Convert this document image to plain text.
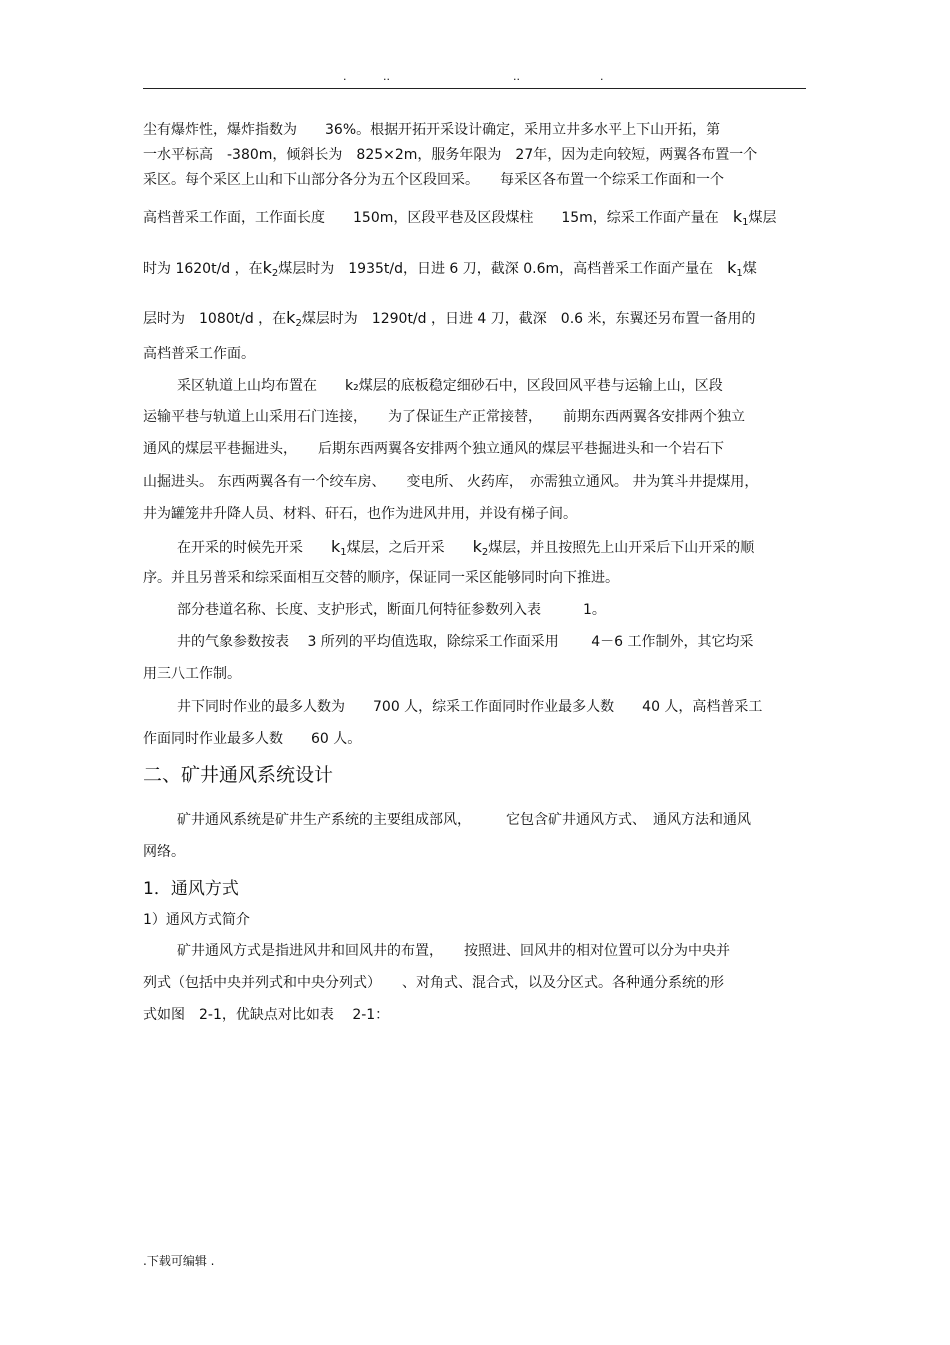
.	..	..	.
尘有爆炸性，爆炸指数为　　36%。根据开拓开采设计确定，采用立井多水平上下山开拓，第
一水平标高　-380m，倾斜长为　825×2m，服务年限为　27年，因为走向较短，两翼各布置一个
采区。每个采区上山和下山部分各分为五个区段回采。　　每采区各布置一个综采工作面和一个
高档普采工作面，工作面长度　　150m，区段平巷及区段煤柱　　15m，综采工作面产量在　$k_1$煤层
时为 1620t/d ，在$k_2$煤层时为　1935t/d，日进 6 刀，截深 0.6m，高档普采工作面产量在　$k_1$煤
层时为　1080t/d ，在$k_2$煤层时为　1290t/d ，日进 4 刀，截深　0.6 米，东翼还另布置一备用的
高档普采工作面。
采区轨道上山均布置在　　k₂煤层的底板稳定细砂石中，区段回风平巷与运输上山，区段
运输平巷与轨道上山采用石门连接，　　为了保证生产正常接替，　　前期东西两翼各安排两个独立
通风的煤层平巷掘进头，　　后期东西两翼各安排两个独立通风的煤层平巷掘进头和一个岩石下
山掘进头。 东西两翼各有一个绞车房、　　变电所、 火药库，　亦需独立通风。 井为箕斗井提煤用，
井为罐笼井升降人员、材料、矸石，也作为进风井用，并设有梯子间。
在开采的时候先开采　　$k_1$煤层，之后开采　　$k_2$煤层，并且按照先上山开采后下山开采的顺
序。并且另普采和综采面相互交替的顺序，保证同一采区能够同时向下推进。
部分巷道名称、长度、支护形式，断面几何特征参数列入表　　　1。
井的气象参数按表　 3 所列的平均值选取，除综采工作面采用　　 4－6 工作制外，其它均采
用三八工作制。
井下同时作业的最多人数为　　700 人，综采工作面同时作业最多人数　　40 人，高档普采工
作面同时作业最多人数　　60 人。
二、矿井通风系统设计
矿井通风系统是矿井生产系统的主要组成部风，　　　它包含矿井通风方式、　通风方法和通风
网络。
1．通风方式
1）通风方式简介
矿井通风方式是指进风井和回风井的布置，　　按照进、回风井的相对位置可以分为中央并
列式（包括中央并列式和中央分列式）　　、对角式、混合式，以及分区式。各种通分系统的形
式如图　2-1，优缺点对比如表　 2-1：
.下载可编辑 .
